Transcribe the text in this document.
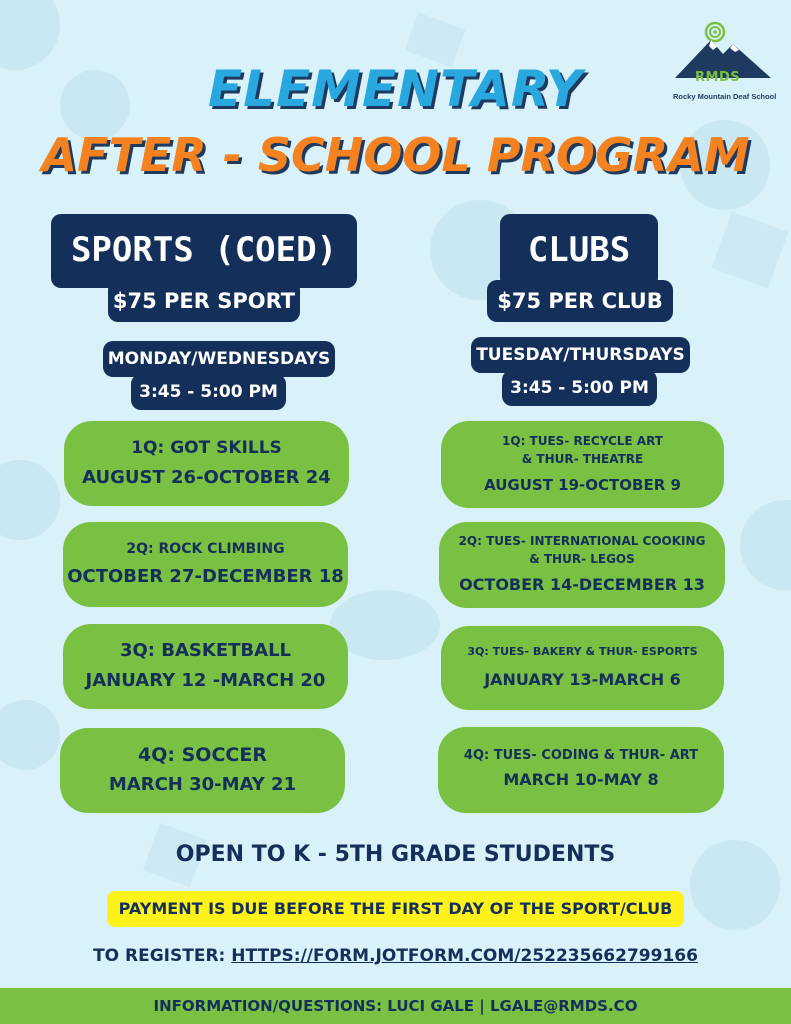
RMDS
Rocky Mountain Deaf School
ELEMENTARY
AFTER - SCHOOL PROGRAM
SPORTS (COED)
$75 PER SPORT
MONDAY/WEDNESDAYS
3:45 - 5:00 PM
CLUBS
$75 PER CLUB
TUESDAY/THURSDAYS
3:45 - 5:00 PM
1Q: GOT SKILLS
AUGUST 26-OCTOBER 24
2Q: ROCK CLIMBING
OCTOBER 27-DECEMBER 18
3Q: BASKETBALL
JANUARY 12 -MARCH 20
4Q: SOCCER
MARCH 30-MAY 21
1Q: TUES- RECYCLE ART
& THUR- THEATRE
AUGUST 19-OCTOBER 9
2Q: TUES- INTERNATIONAL COOKING
& THUR- LEGOS
OCTOBER 14-DECEMBER 13
3Q: TUES- BAKERY & THUR- ESPORTS
JANUARY 13-MARCH 6
4Q: TUES- CODING & THUR- ART
MARCH 10-MAY 8
OPEN TO K - 5TH GRADE STUDENTS
PAYMENT IS DUE BEFORE THE FIRST DAY OF THE SPORT/CLUB
TO REGISTER: HTTPS://FORM.JOTFORM.COM/252235662799166
INFORMATION/QUESTIONS: LUCI GALE | LGALE@RMDS.CO
